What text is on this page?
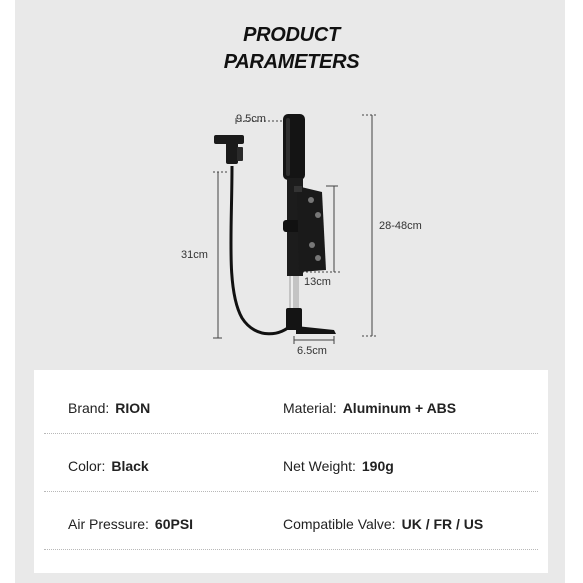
PRODUCT
PARAMETERS
9.5cm
31cm
28-48cm
13cm
6.5cm
Brand: RION	Material: Aluminum + ABS
Color: Black	Net Weight: 190g
Air Pressure: 60PSI	Compatible Valve: UK / FR / US
